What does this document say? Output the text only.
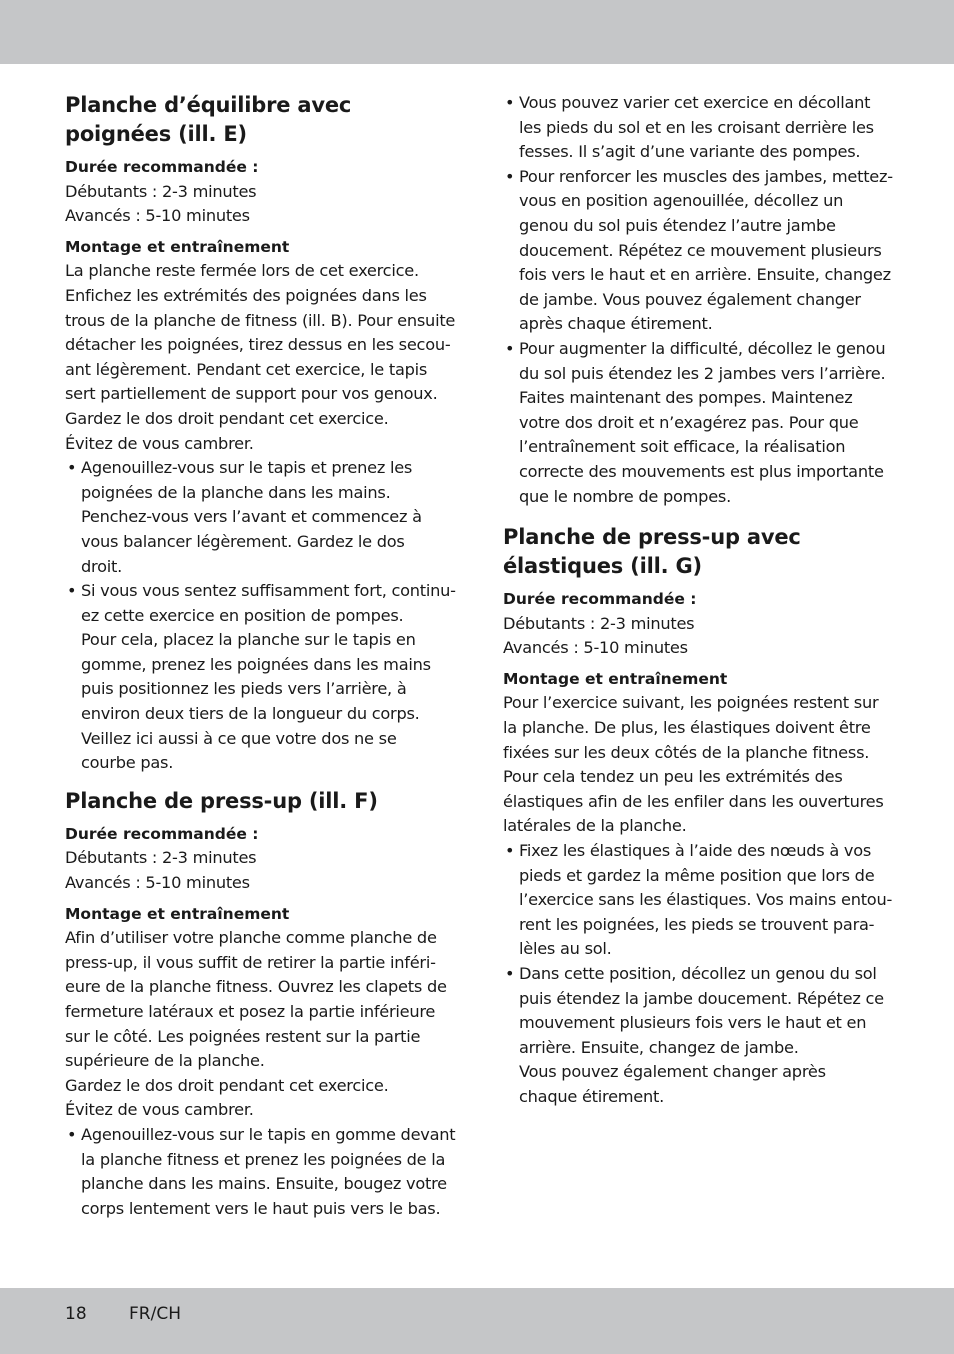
Planche d’équilibre avec
poignées (ill. E)
Durée recommandée :

Débutants : 2-3 minutes

Avancés : 5-10 minutes

Montage et entraînement

La planche reste fermée lors de cet exercice.

Enfichez les extrémités des poignées dans les

trous de la planche de fitness (ill. B). Pour ensuite

détacher les poignées, tirez dessus en les secou-

ant légèrement. Pendant cet exercice, le tapis

sert partiellement de support pour vos genoux.

Gardez le dos droit pendant cet exercice.

Évitez de vous cambrer.

• Agenouillez-vous sur le tapis et prenez les
poignées de la planche dans les mains.
Penchez-vous vers l’avant et commencez à
vous balancer légèrement. Gardez le dos
droit.
• Si vous vous sentez suffisamment fort, continu-
ez cette exercice en position de pompes.
Pour cela, placez la planche sur le tapis en
gomme, prenez les poignées dans les mains
puis positionnez les pieds vers l’arrière, à
environ deux tiers de la longueur du corps.
Veillez ici aussi à ce que votre dos ne se
courbe pas.
Planche de press-up (ill. F)
Durée recommandée :

Débutants : 2-3 minutes

Avancés : 5-10 minutes

Montage et entraînement

Afin d’utiliser votre planche comme planche de

press-up, il vous suffit de retirer la partie inféri-

eure de la planche fitness. Ouvrez les clapets de

fermeture latéraux et posez la partie inférieure

sur le côté. Les poignées restent sur la partie

supérieure de la planche.

Gardez le dos droit pendant cet exercice.

Évitez de vous cambrer.

• Agenouillez-vous sur le tapis en gomme devant
la planche fitness et prenez les poignées de la
planche dans les mains. Ensuite, bougez votre
corps lentement vers le haut puis vers le bas.
• Vous pouvez varier cet exercice en décollant
les pieds du sol et en les croisant derrière les
fesses. Il s’agit d’une variante des pompes.
• Pour renforcer les muscles des jambes, mettez-
vous en position agenouillée, décollez un
genou du sol puis étendez l’autre jambe
doucement. Répétez ce mouvement plusieurs
fois vers le haut et en arrière. Ensuite, changez
de jambe. Vous pouvez également changer
après chaque étirement.
• Pour augmenter la difficulté, décollez le genou
du sol puis étendez les 2 jambes vers l’arrière.
Faites maintenant des pompes. Maintenez
votre dos droit et n’exagérez pas. Pour que
l’entraînement soit efficace, la réalisation
correcte des mouvements est plus importante
que le nombre de pompes.
Planche de press-up avec
élastiques (ill. G)
Durée recommandée :

Débutants : 2-3 minutes

Avancés : 5-10 minutes

Montage et entraînement

Pour l’exercice suivant, les poignées restent sur

la planche. De plus, les élastiques doivent être

fixées sur les deux côtés de la planche fitness.

Pour cela tendez un peu les extrémités des

élastiques afin de les enfiler dans les ouvertures

latérales de la planche.

• Fixez les élastiques à l’aide des nœuds à vos
pieds et gardez la même position que lors de
l’exercice sans les élastiques. Vos mains entou-
rent les poignées, les pieds se trouvent para-
lèles au sol.
• Dans cette position, décollez un genou du sol
puis étendez la jambe doucement. Répétez ce
mouvement plusieurs fois vers le haut et en
arrière. Ensuite, changez de jambe.
Vous pouvez également changer après
chaque étirement.
18 FR/CH
